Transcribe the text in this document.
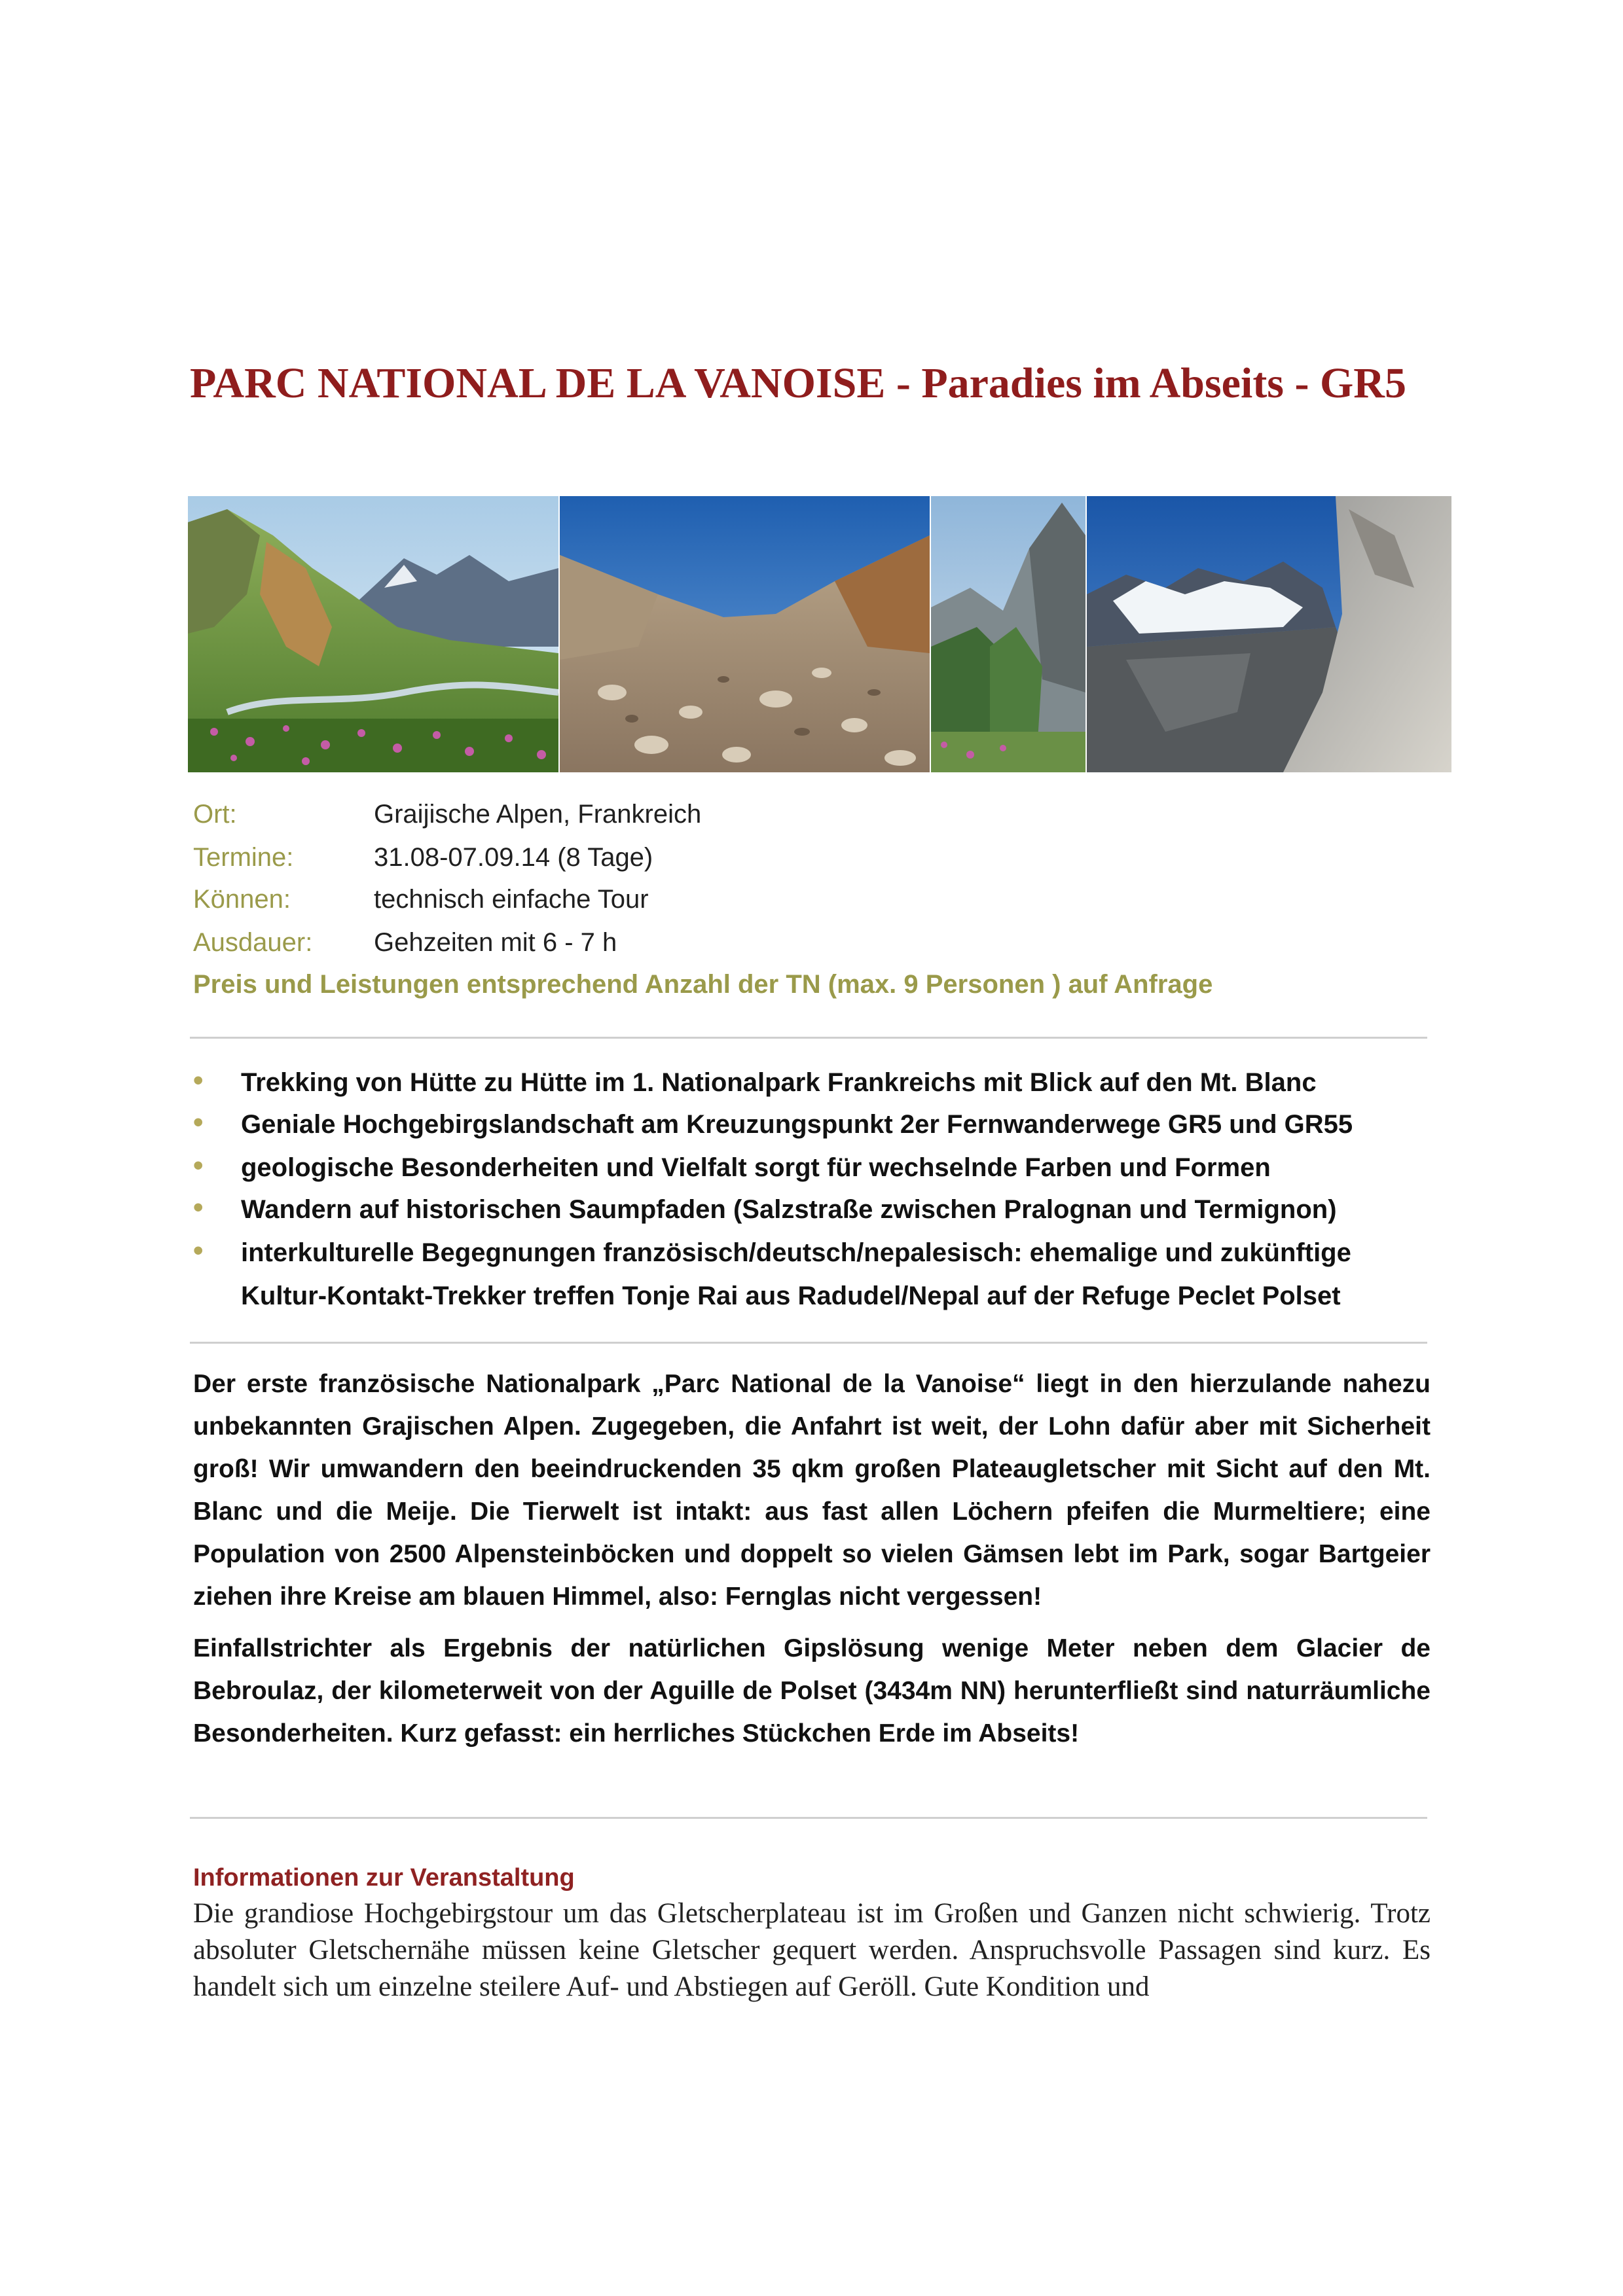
PARC NATIONAL DE LA VANOISE - Paradies im Abseits - GR5
Ort:	Graijische Alpen, Frankreich
Termine:	31.08-07.09.14 (8 Tage)
Können:	technisch einfache Tour
Ausdauer: Gehzeiten mit 6 - 7 h
Preis und Leistungen entsprechend Anzahl der TN (max. 9 Personen ) auf Anfrage
• Trekking von Hütte zu Hütte im 1. Nationalpark Frankreichs mit Blick auf den Mt. Blanc
• Geniale Hochgebirgslandschaft am Kreuzungspunkt 2er Fernwanderwege GR5 und GR55
• geologische Besonderheiten und Vielfalt sorgt für wechselnde Farben und Formen
• Wandern auf historischen Saumpfaden (Salzstraße zwischen Pralognan und Termignon)
• interkulturelle Begegnungen französisch/deutsch/nepalesisch: ehemalige und zukünftige
Kultur-Kontakt-Trekker treffen Tonje Rai aus Radudel/Nepal auf der Refuge Peclet Polset

Der erste französische Nationalpark „Parc National de la Vanoise“ liegt in den hierzulande nahezu unbekannten Grajischen Alpen. Zugegeben, die Anfahrt ist weit, der Lohn dafür aber mit Sicherheit groß! Wir umwandern den beeindruckenden 35 qkm großen Plateaugletscher mit Sicht auf den Mt. Blanc und die Meije. Die Tierwelt ist intakt: aus fast allen Löchern pfeifen die Murmeltiere; eine Population von 2500 Alpensteinböcken und doppelt so vielen Gämsen lebt im Park, sogar Bartgeier ziehen ihre Kreise am blauen Himmel, also: Fernglas nicht vergessen!

Einfallstrichter als Ergebnis der natürlichen Gipslösung wenige Meter neben dem Glacier de Bebroulaz, der kilometerweit von der Aguille de Polset (3434m NN) herunterfließt sind naturräumliche Besonderheiten. Kurz gefasst: ein herrliches Stückchen Erde im Abseits!

Informationen zur Veranstaltung

Die grandiose Hochgebirgstour um das Gletscherplateau ist im Großen und Ganzen nicht schwierig. Trotz absoluter Gletschernähe müssen keine Gletscher gequert werden. Anspruchsvolle Passagen sind kurz. Es handelt sich um einzelne steilere Auf- und Abstiegen auf Geröll. Gute Kondition und
